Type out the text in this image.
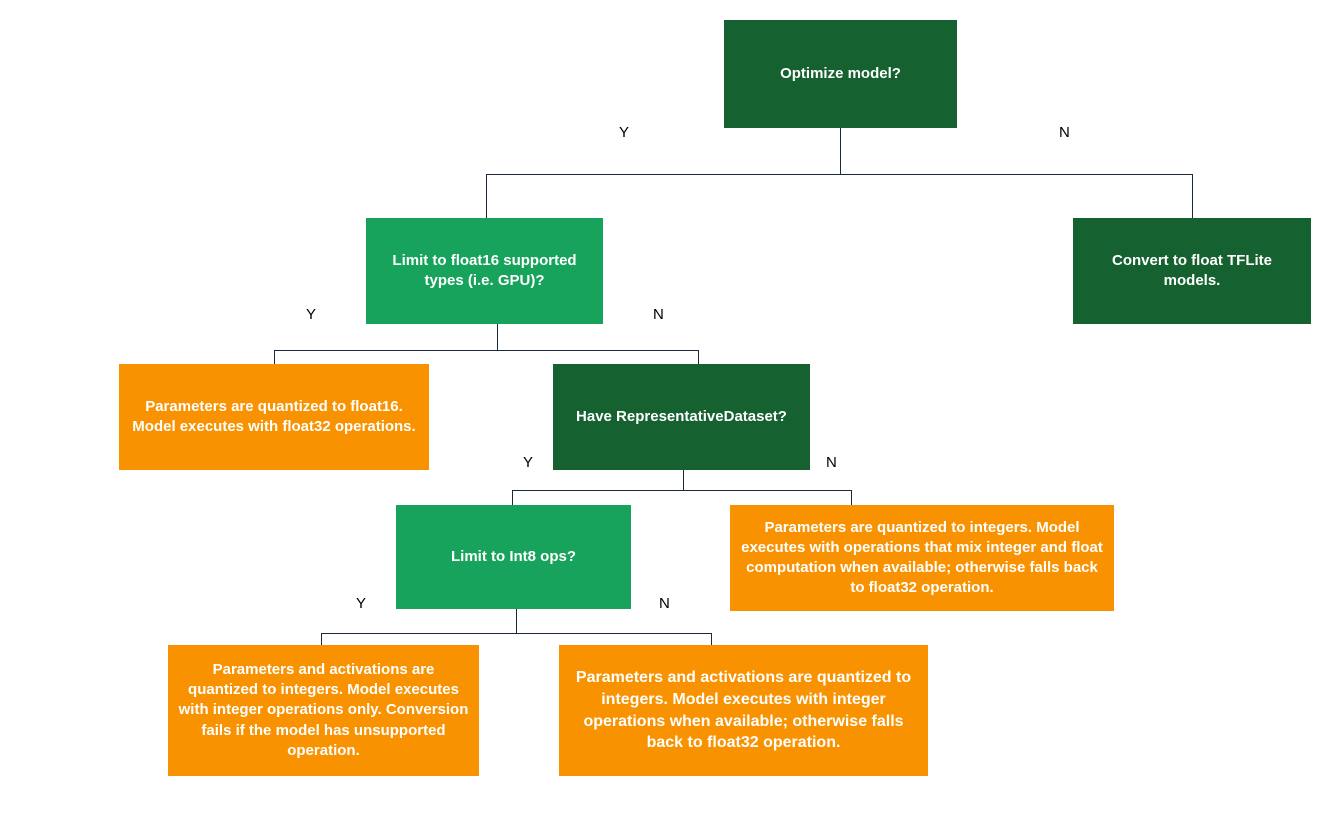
Y	N
Y	N
Y	N
Y	N
Optimize model?
Limit to float16 supported types (i.e. GPU)?
Convert to float TFLite models.
Parameters are quantized to float16. Model executes with float32 operations.
Have RepresentativeDataset?
Limit to Int8 ops?
Parameters are quantized to integers. Model executes with operations that mix integer and float computation when available; otherwise falls back to float32 operation.
Parameters and activations are quantized to integers. Model executes with integer operations only. Conversion fails if the model has unsupported operation.
Parameters and activations are quantized to integers. Model executes with integer operations when available; otherwise falls back to float32 operation.
